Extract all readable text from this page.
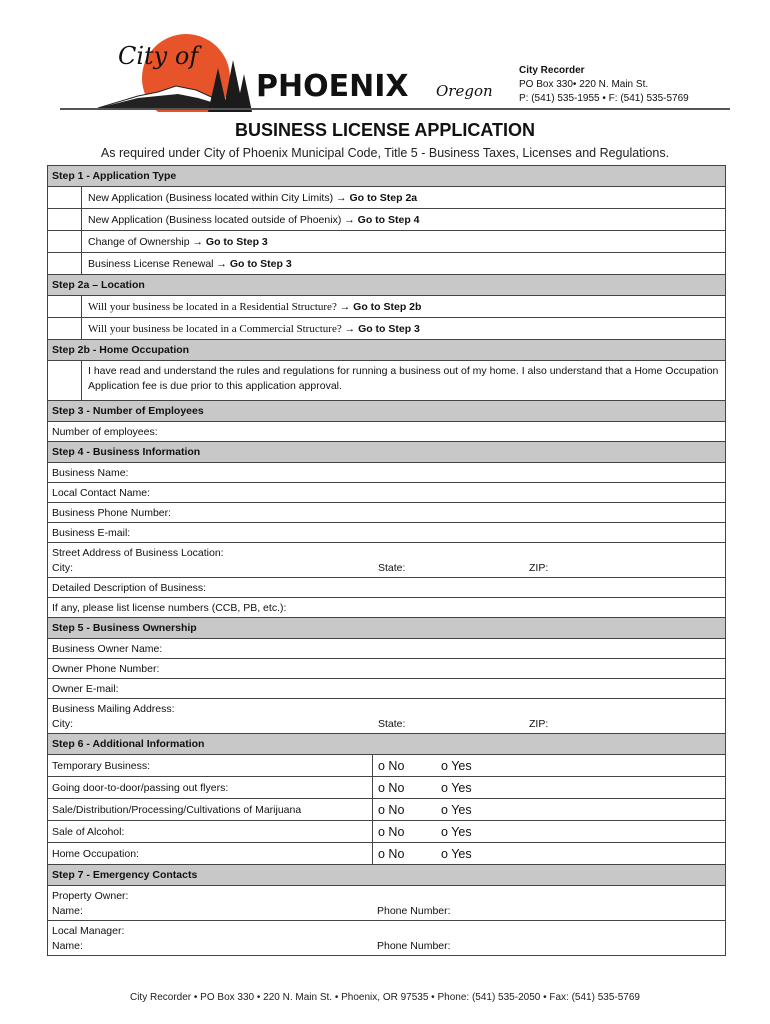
City of
PHOENIX Oregon
City Recorder
PO Box 330• 220 N. Main St.
P: (541) 535-1955 • F: (541) 535-5769
BUSINESS LICENSE APPLICATION
As required under City of Phoenix Municipal Code, Title 5 - Business Taxes, Licenses and Regulations.
Step 1 - Application Type
New Application (Business located within City Limits) → Go to Step 2a
New Application (Business located outside of Phoenix) → Go to Step 4
Change of Ownership → Go to Step 3
Business License Renewal → Go to Step 3
Step 2a – Location
Will your business be located in a Residential Structure? → Go to Step 2b
Will your business be located in a Commercial Structure? → Go to Step 3
Step 2b - Home Occupation
I have read and understand the rules and regulations for running a business out of my home. I also understand that a Home Occupation Application fee is due prior to this application approval.
Step 3 - Number of Employees
Number of employees:
Step 4 - Business Information
Business Name:
Local Contact Name:
Business Phone Number:
Business E-mail:
Street Address of Business Location:
City:	State:	ZIP:
Detailed Description of Business:
If any, please list license numbers (CCB, PB, etc.):
Step 5 - Business Ownership
Business Owner Name:
Owner Phone Number:
Owner E-mail:
Business Mailing Address:
City:	State:	ZIP:
Step 6 - Additional Information
Temporary Business:	o No	o Yes
Going door-to-door/passing out flyers:	o No	o Yes
Sale/Distribution/Processing/Cultivations of Marijuana	o No	o Yes
Sale of Alcohol:	o No	o Yes
Home Occupation:	o No	o Yes
Step 7 - Emergency Contacts
Property Owner:
Name:	Phone Number:
Local Manager:
Name:	Phone Number:
City Recorder • PO Box 330 • 220 N. Main St. • Phoenix, OR 97535 • Phone: (541) 535-2050 • Fax: (541) 535-5769
